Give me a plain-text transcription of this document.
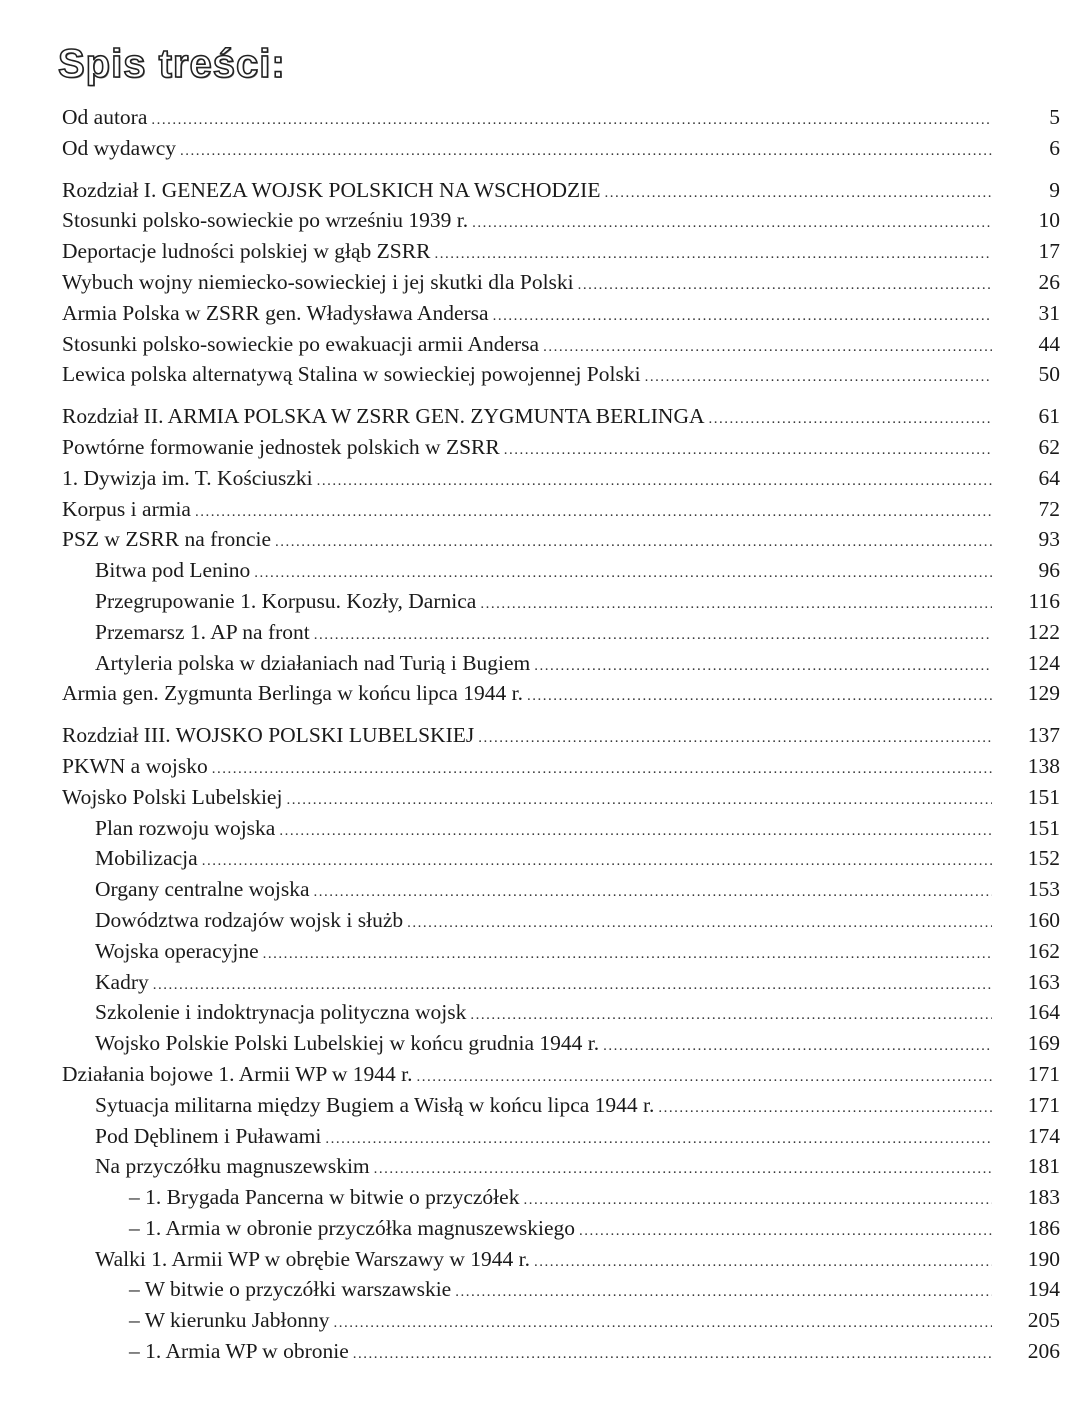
Spis treści:
Od autora .....	5
Od wydawcy .....	6
Rozdział I. GENEZA WOJSK POLSKICH NA WSCHODZIE .....	9
Stosunki polsko-sowieckie po wrześniu 1939 r. .....	10
Deportacje ludności polskiej w głąb ZSRR .....	17
Wybuch wojny niemiecko-sowieckiej i jej skutki dla Polski .....	26
Armia Polska w ZSRR gen. Władysława Andersa .....	31
Stosunki polsko-sowieckie po ewakuacji armii Andersa .....	44
Lewica polska alternatywą Stalina w sowieckiej powojennej Polski .....	50
Rozdział II. ARMIA POLSKA W ZSRR GEN. ZYGMUNTA BERLINGA .....	61
Powtórne formowanie jednostek polskich w ZSRR .....	62
1. Dywizja im. T. Kościuszki .....	64
Korpus i armia .....	72
PSZ w ZSRR na froncie .....	93
Bitwa pod Lenino .....	96
Przegrupowanie 1. Korpusu. Kozły, Darnica .....	116
Przemarsz 1. AP na front .....	122
Artyleria polska w działaniach nad Turią i Bugiem .....	124
Armia gen. Zygmunta Berlinga w końcu lipca 1944 r. .....	129
Rozdział III. WOJSKO POLSKI LUBELSKIEJ .....	137
PKWN a wojsko .....	138
Wojsko Polski Lubelskiej .....	151
Plan rozwoju wojska .....	151
Mobilizacja .....	152
Organy centralne wojska .....	153
Dowództwa rodzajów wojsk i służb .....	160
Wojska operacyjne .....	162
Kadry .....	163
Szkolenie i indoktrynacja polityczna wojsk .....	164
Wojsko Polskie Polski Lubelskiej w końcu grudnia 1944 r. .....	169
Działania bojowe 1. Armii WP w 1944 r. .....	171
Sytuacja militarna między Bugiem a Wisłą w końcu lipca 1944 r. .....	171
Pod Dęblinem i Puławami .....	174
Na przyczółku magnuszewskim .....	181
– 1. Brygada Pancerna w bitwie o przyczółek .....	183
– 1. Armia w obronie przyczółka magnuszewskiego .....	186
Walki 1. Armii WP w obrębie Warszawy w 1944 r. .....	190
– W bitwie o przyczółki warszawskie .....	194
– W kierunku Jabłonny .....	205
– 1. Armia WP w obronie .....	206
